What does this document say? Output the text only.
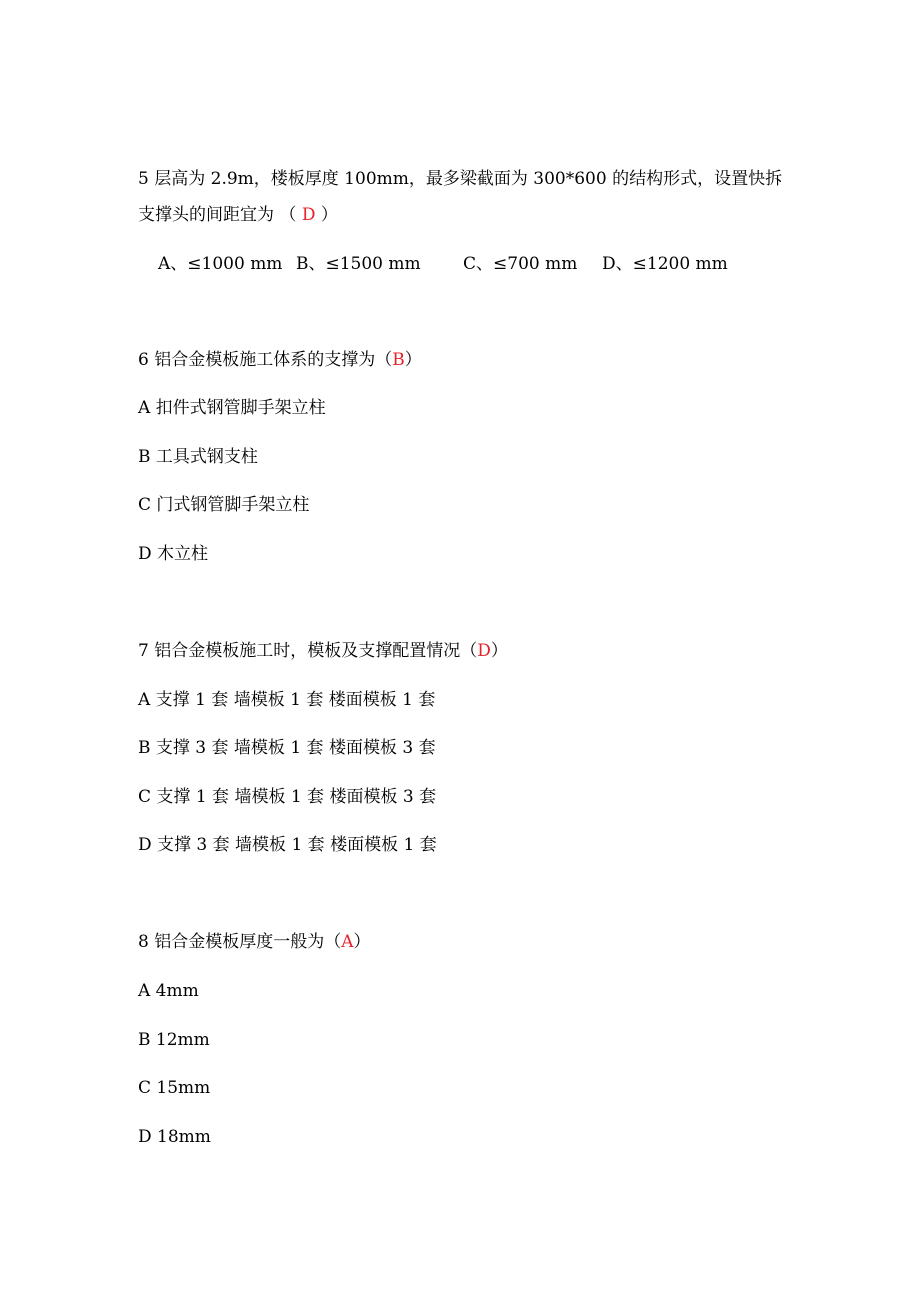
5 层高为 2.9m，楼板厚度 100mm，最多梁截面为 300*600 的结构形式，设置快拆
支撑头的间距宜为 （ D ）
A、≤1000 mm B、≤1500 mm C、≤700 mm D、≤1200 mm
6 铝合金模板施工体系的支撑为（B）
A 扣件式钢管脚手架立柱
B 工具式钢支柱
C 门式钢管脚手架立柱
D 木立柱
7 铝合金模板施工时，模板及支撑配置情况（D）
A 支撑 1 套 墙模板 1 套 楼面模板 1 套
B 支撑 3 套 墙模板 1 套 楼面模板 3 套
C 支撑 1 套 墙模板 1 套 楼面模板 3 套
D 支撑 3 套 墙模板 1 套 楼面模板 1 套
8 铝合金模板厚度一般为（A）
A 4mm
B 12mm
C 15mm
D 18mm
